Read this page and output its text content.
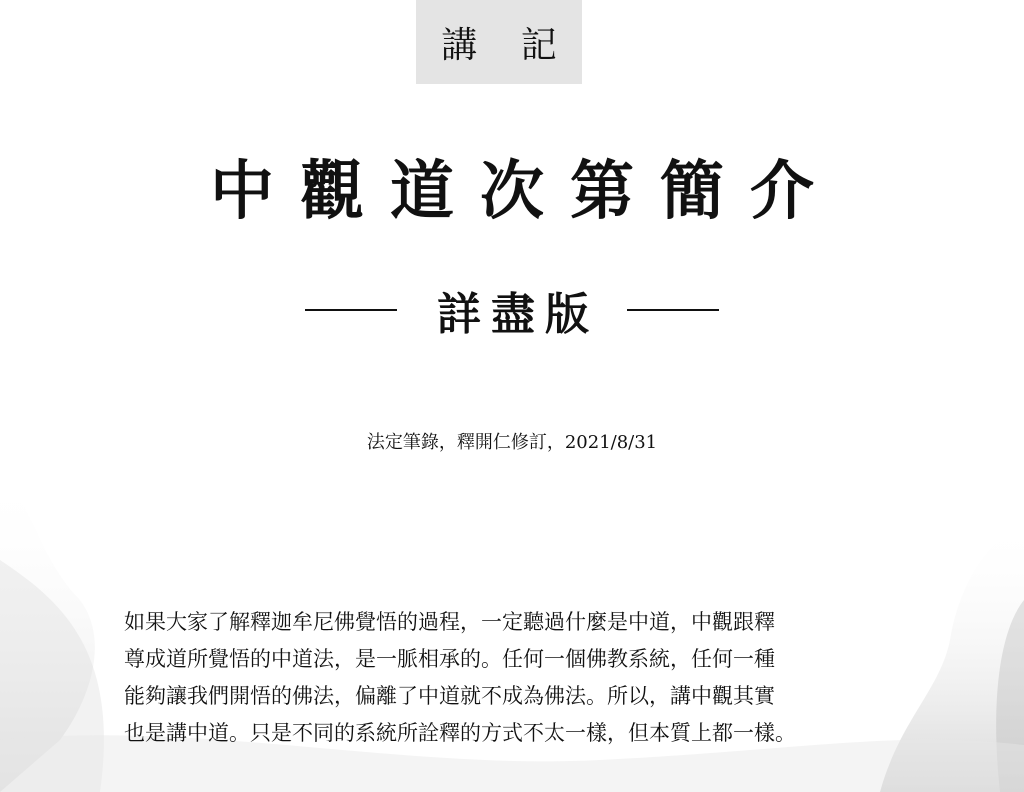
講 記
中觀道次第簡介
詳盡版
法定筆錄，釋開仁修訂，2021/8/31

如果大家了解釋迦牟尼佛覺悟的過程，一定聽過什麼是中道，中觀跟釋

尊成道所覺悟的中道法，是一脈相承的。任何一個佛教系統，任何一種

能夠讓我們開悟的佛法，偏離了中道就不成為佛法。所以，講中觀其實

也是講中道。只是不同的系統所詮釋的方式不太一樣，但本質上都一樣。
